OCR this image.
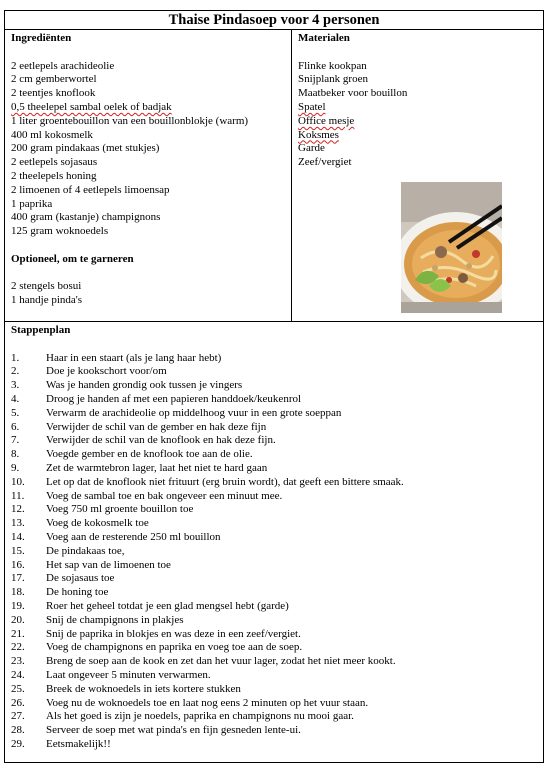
Thaise Pindasoep voor 4 personen
Ingrediënten
2 eetlepels arachideolie
2 cm gemberwortel
2 teentjes knoflook
0,5 theelepel sambal oelek of badjak
1 liter groentebouillon van een bouillonblokje (warm)
400 ml kokosmelk
200 gram pindakaas (met stukjes)
2 eetlepels sojasaus
2 theelepels honing
2 limoenen of 4 eetlepels limoensap
1 paprika
400 gram (kastanje) champignons
125 gram woknoedels
Optioneel, om te garneren
2 stengels bosui
1 handje pinda's
Materialen
Flinke kookpan
Snijplank groen
Maatbeker voor bouillon
Spatel
Office mesje
Koksmes
Garde
Zeef/vergiet
Stappenplan
1.	Haar in een staart (als je lang haar hebt)
2.	Doe je kookschort voor/om
3.	Was je handen grondig ook tussen je vingers
4.	Droog je handen af met een papieren handdoek/keukenrol
5.	Verwarm de arachideolie op middelhoog vuur in een grote soeppan
6.	Verwijder de schil van de gember en hak deze fijn
7.	Verwijder de schil van de knoflook en hak deze fijn.
8.	Voegde gember en de knoflook toe aan de olie.
9.	Zet de warmtebron lager, laat het niet te hard gaan
10.	Let op dat de knoflook niet frituurt (erg bruin wordt), dat geeft een bittere smaak.
11.	Voeg de sambal toe en bak ongeveer een minuut mee.
12.	Voeg 750 ml groente bouillon toe
13.	Voeg de kokosmelk toe
14.	Voeg aan de resterende 250 ml bouillon
15.	De pindakaas toe,
16.	Het sap van de limoenen toe
17.	De sojasaus toe
18.	De honing toe
19.	Roer het geheel totdat je een glad mengsel hebt (garde)
20.	Snij de champignons in plakjes
21.	Snij de paprika in blokjes en was deze in een zeef/vergiet.
22.	Voeg de champignons en paprika en voeg toe aan de soep.
23.	Breng de soep aan de kook en zet dan het vuur lager, zodat het niet meer kookt.
24.	Laat ongeveer 5 minuten verwarmen.
25.	Breek de woknoedels in iets kortere stukken
26.	Voeg nu de woknoedels toe en laat nog eens 2 minuten op het vuur staan.
27.	Als het goed is zijn je noedels, paprika en champignons nu mooi gaar.
28.	Serveer de soep met wat pinda's en fijn gesneden lente-ui.
29.	Eetsmakelijk!!
